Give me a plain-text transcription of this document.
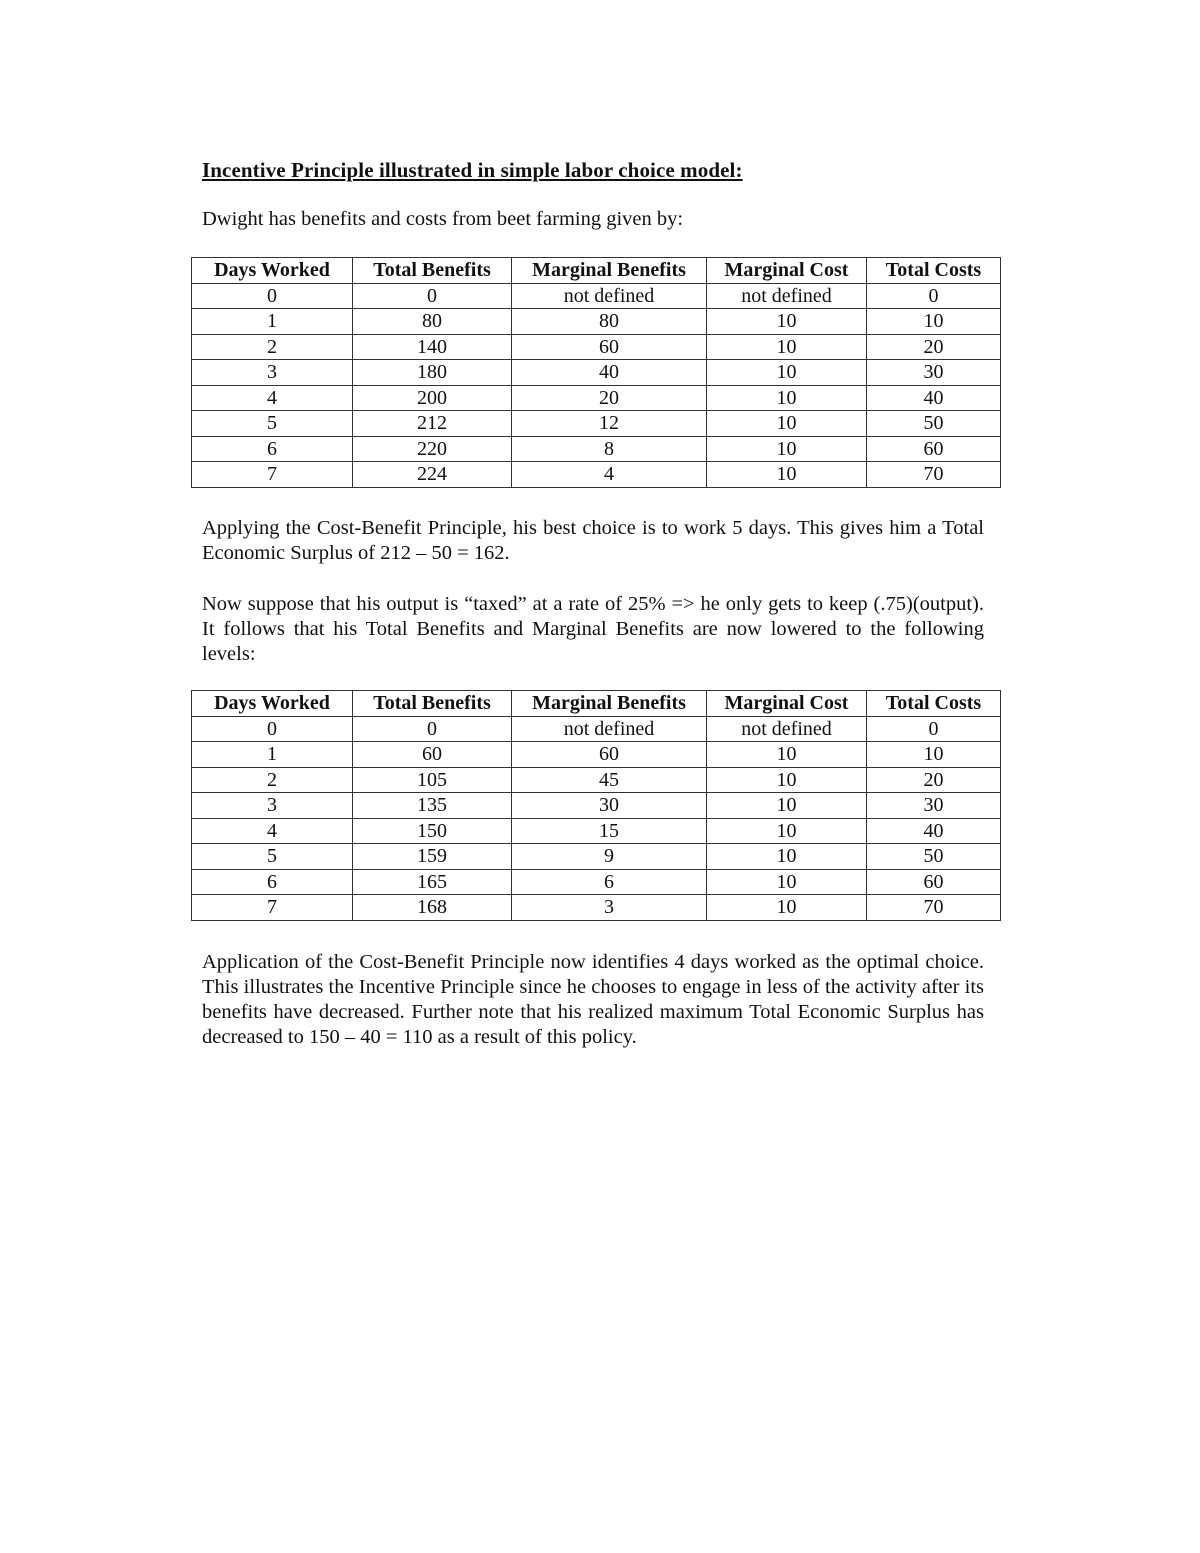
Incentive Principle illustrated in simple labor choice model:
Dwight has benefits and costs from beet farming given by:
Days Worked	Total Benefits	Marginal Benefits	Marginal Cost	Total Costs
0	0	not defined	not defined	0
1	80	80	10	10
2	140	60	10	20
3	180	40	10	30
4	200	20	10	40
5	212	12	10	50
6	220	8	10	60
7	224	4	10	70
Applying the Cost-Benefit Principle, his best choice is to work 5 days. This gives him a Total Economic Surplus of 212 – 50 = 162.
Now suppose that his output is “taxed” at a rate of 25% => he only gets to keep (.75)(output). It follows that his Total Benefits and Marginal Benefits are now lowered to the following levels:
Days Worked	Total Benefits	Marginal Benefits	Marginal Cost	Total Costs
0	0	not defined	not defined	0
1	60	60	10	10
2	105	45	10	20
3	135	30	10	30
4	150	15	10	40
5	159	9	10	50
6	165	6	10	60
7	168	3	10	70
Application of the Cost-Benefit Principle now identifies 4 days worked as the optimal choice. This illustrates the Incentive Principle since he chooses to engage in less of the activity after its benefits have decreased. Further note that his realized maximum Total Economic Surplus has decreased to 150 – 40 = 110 as a result of this policy.
